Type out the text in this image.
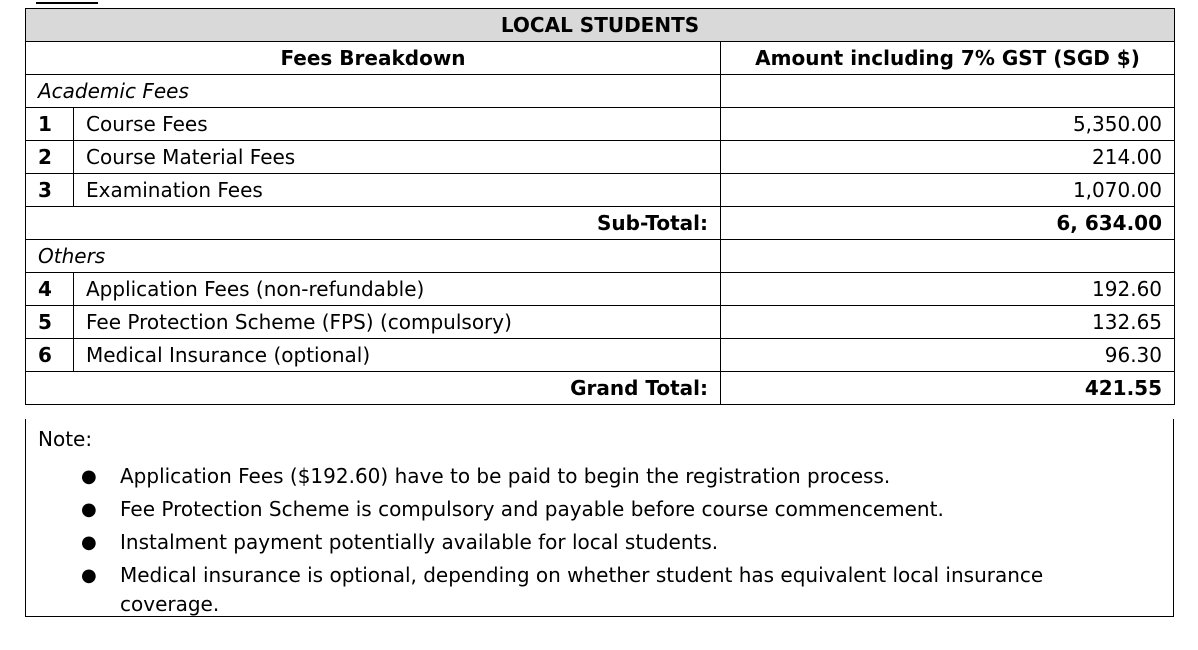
LOCAL STUDENTS		
Fees Breakdown		Amount including 7% GST (SGD $)
Academic Fees		
1	Course Fees	5,350.00
2	Course Material Fees	214.00
3	Examination Fees	1,070.00
Sub-Total:		6, 634.00
Others		
4	Application Fees (non-refundable)	192.60
5	Fee Protection Scheme (FPS) (compulsory)	132.65
6	Medical Insurance (optional)	96.30
Grand Total:		421.55
Note:
● Application Fees ($192.60) have to be paid to begin the registration process.
● Fee Protection Scheme is compulsory and payable before course commencement.
● Instalment payment potentially available for local students.
● Medical insurance is optional, depending on whether student has equivalent local insurance coverage.
